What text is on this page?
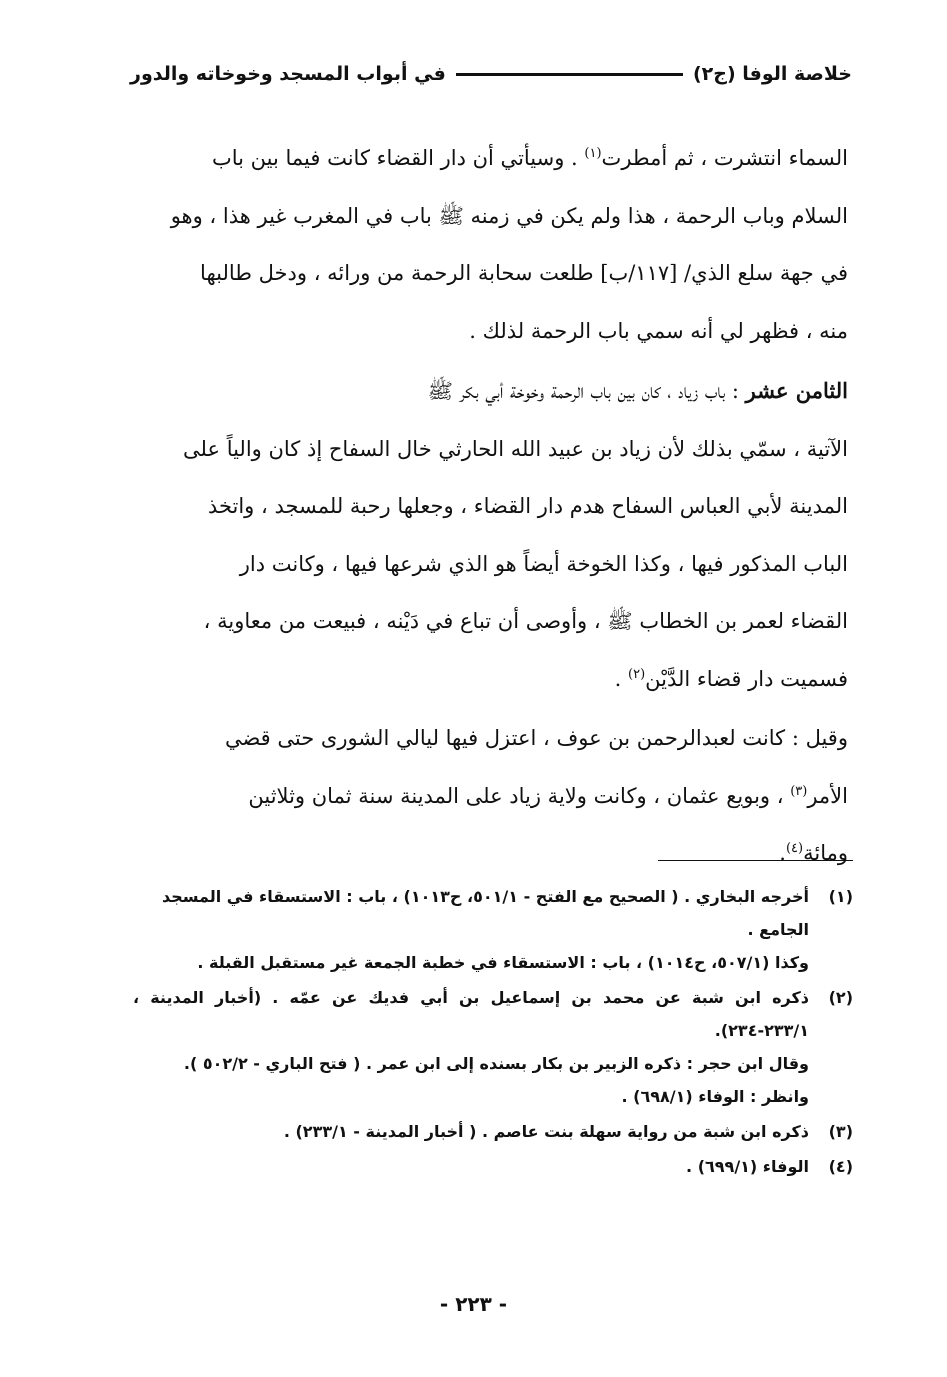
خلاصة الوفا (ج٢)
في أبواب المسجد وخوخاته والدور

السماء انتشرت ، ثم أمطرت$^{(١)}$ . وسيأتي أن دار القضاء كانت فيما بين باب
السلام وباب الرحمة ، هذا ولم يكن في زمنه ﷺ باب في المغرب غير هذا ، وهو
في جهة سلع الذي/ [١١٧/ب] طلعت سحابة الرحمة من ورائه ، ودخل طالبها
منه ، فظهر لي أنه سمي باب الرحمة لذلك .

الثامن عشر : باب زياد ، كان بين باب الرحمة وخوخة أبي بكر ﷺ
الآتية ، سمّي بذلك لأن زياد بن عبيد الله الحارثي خال السفاح إذ كان والياً على
المدينة لأبي العباس السفاح هدم دار القضاء ، وجعلها رحبة للمسجد ، واتخذ
الباب المذكور فيها ، وكذا الخوخة أيضاً هو الذي شرعها فيها ، وكانت دار
القضاء لعمر بن الخطاب ﷺ ، وأوصى أن تباع في دَيْنه ، فبيعت من معاوية ،
فسميت دار قضاء الدَّيْن$^{(٢)}$ .

وقيل : كانت لعبدالرحمن بن عوف ، اعتزل فيها ليالي الشورى حتى قضي
الأمر$^{(٣)}$ ، وبويع عثمان ، وكانت ولاية زياد على المدينة سنة ثمان وثلاثين
ومائة$^{(٤)}$.

(١)
أخرجه البخاري . ( الصحيح مع الفتح - ٥٠١/١، ح١٠١٣) ، باب : الاستسقاء في المسجد
الجامع .
وكذا (٥٠٧/١، ح١٠١٤) ، باب : الاستسقاء في خطبة الجمعة غير مستقبل القبلة .
(٢)
ذكره ابن شبة عن محمد بن إسماعيل بن أبي فديك عن عمّه . (أخبار المدينة ، ٢٣٣/١-٢٣٤).
وقال ابن حجر : ذكره الزبير بن بكار بسنده إلى ابن عمر . ( فتح الباري - ٥٠٢/٢ ).
وانظر : الوفاء (٦٩٨/١) .
(٣)
ذكره ابن شبة من رواية سهلة بنت عاصم . ( أخبار المدينة - ٢٣٣/١) .
(٤)
الوفاء (٦٩٩/١) .
- ٢٢٣ -
